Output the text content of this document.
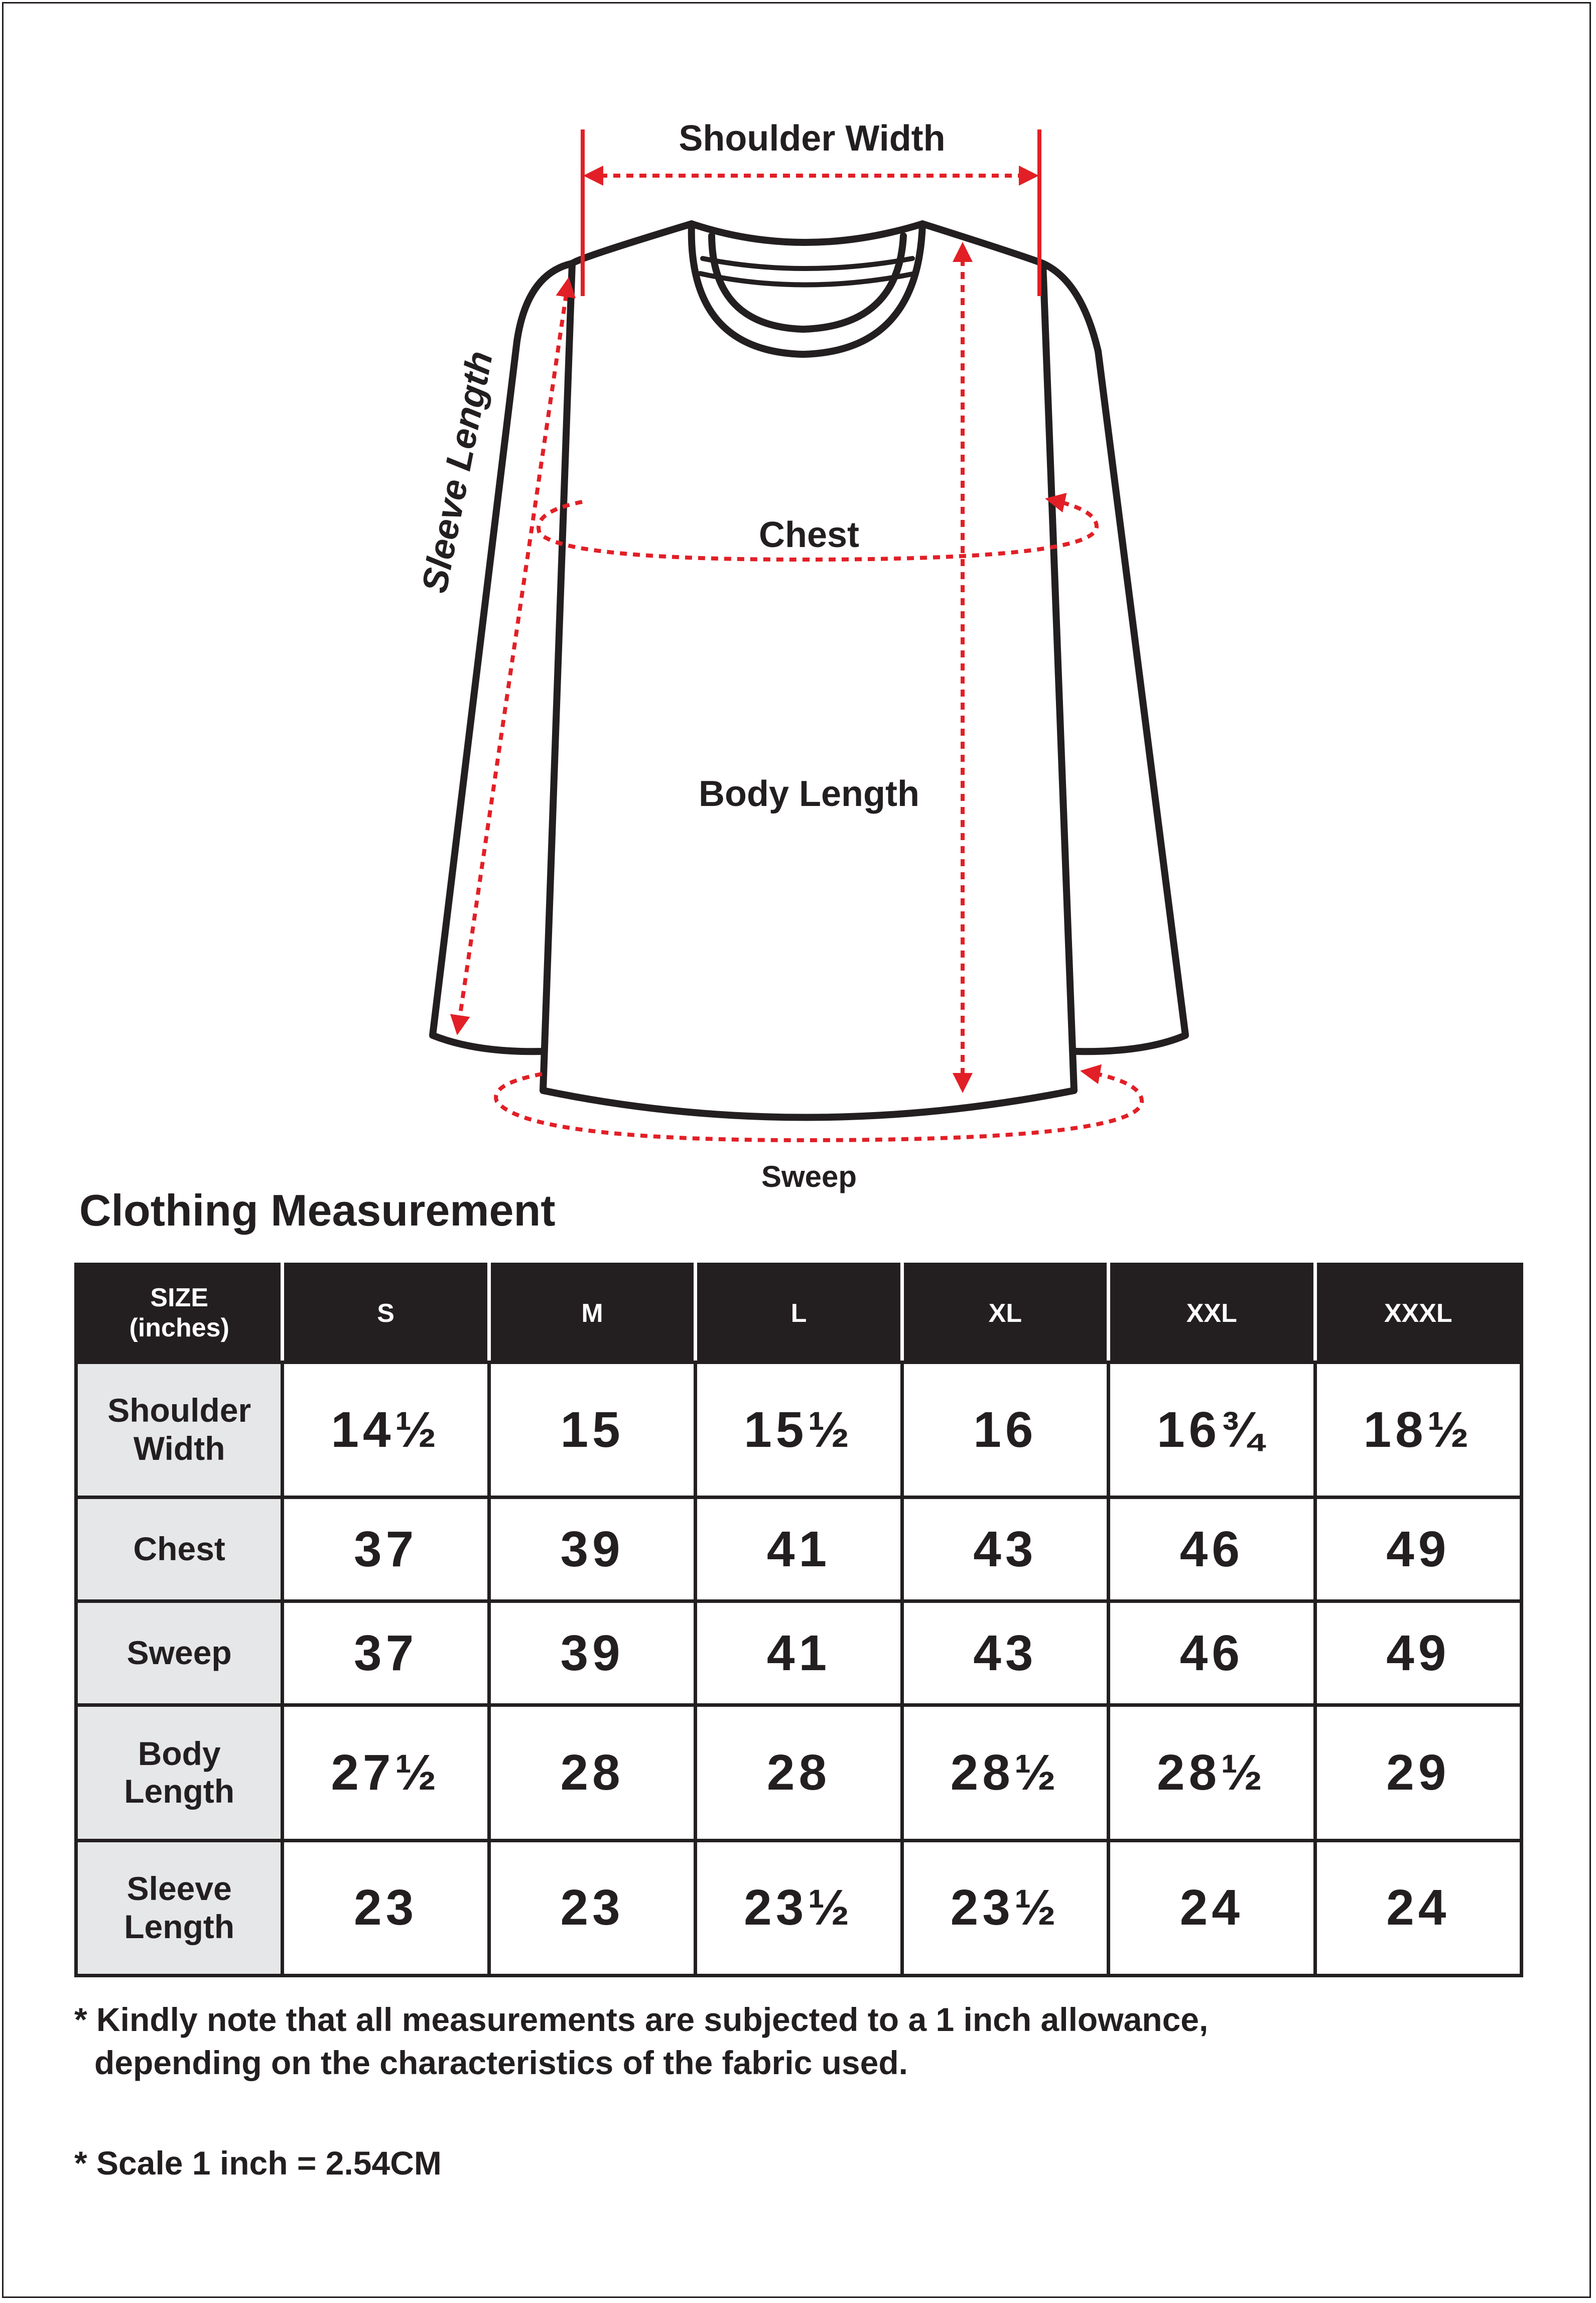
Shoulder Width
Sleeve Length	Chest
Body Length
Sweep
Clothing Measurement
SIZE
(inches)	S	M	L	XL	XXL	XXXL
Shoulder
Width	14½	15	15½	16	16¾	18½
Chest	37	39	41	43	46	49
Sweep	37	39	41	43	46	49
Body
Length	27½	28	28	28½	28½	29
Sleeve
Length	23	23	23½	23½	24	24

* Kindly note that all measurements are subjected to a 1 inch allowance,
depending on the characteristics of the fabric used.

* Scale 1 inch = 2.54CM
